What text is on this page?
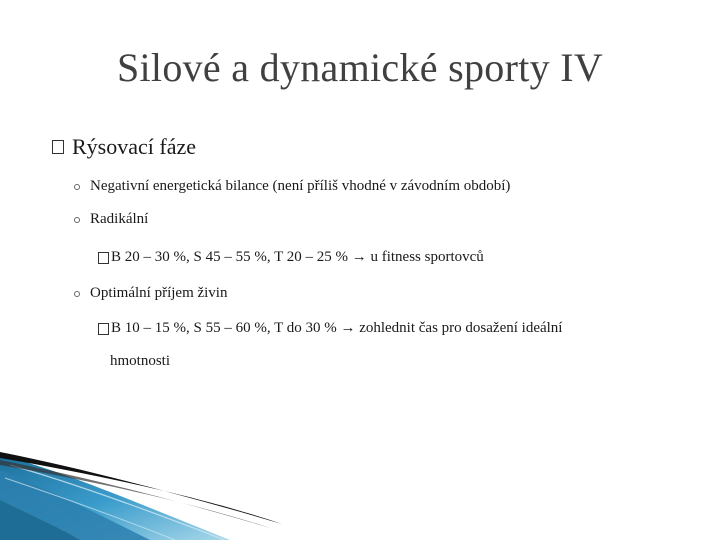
Silové a dynamické sporty IV
Rýsovací fáze
Negativní energetická bilance (není příliš vhodné v závodním období)
Radikální
B 20 – 30 %, S 45 – 55 %, T 20 – 25 % → u fitness sportovců
Optimální příjem živin
B 10 – 15 %, S 55 – 60 %, T do 30 % → zohlednit čas pro dosažení ideální
hmotnosti
